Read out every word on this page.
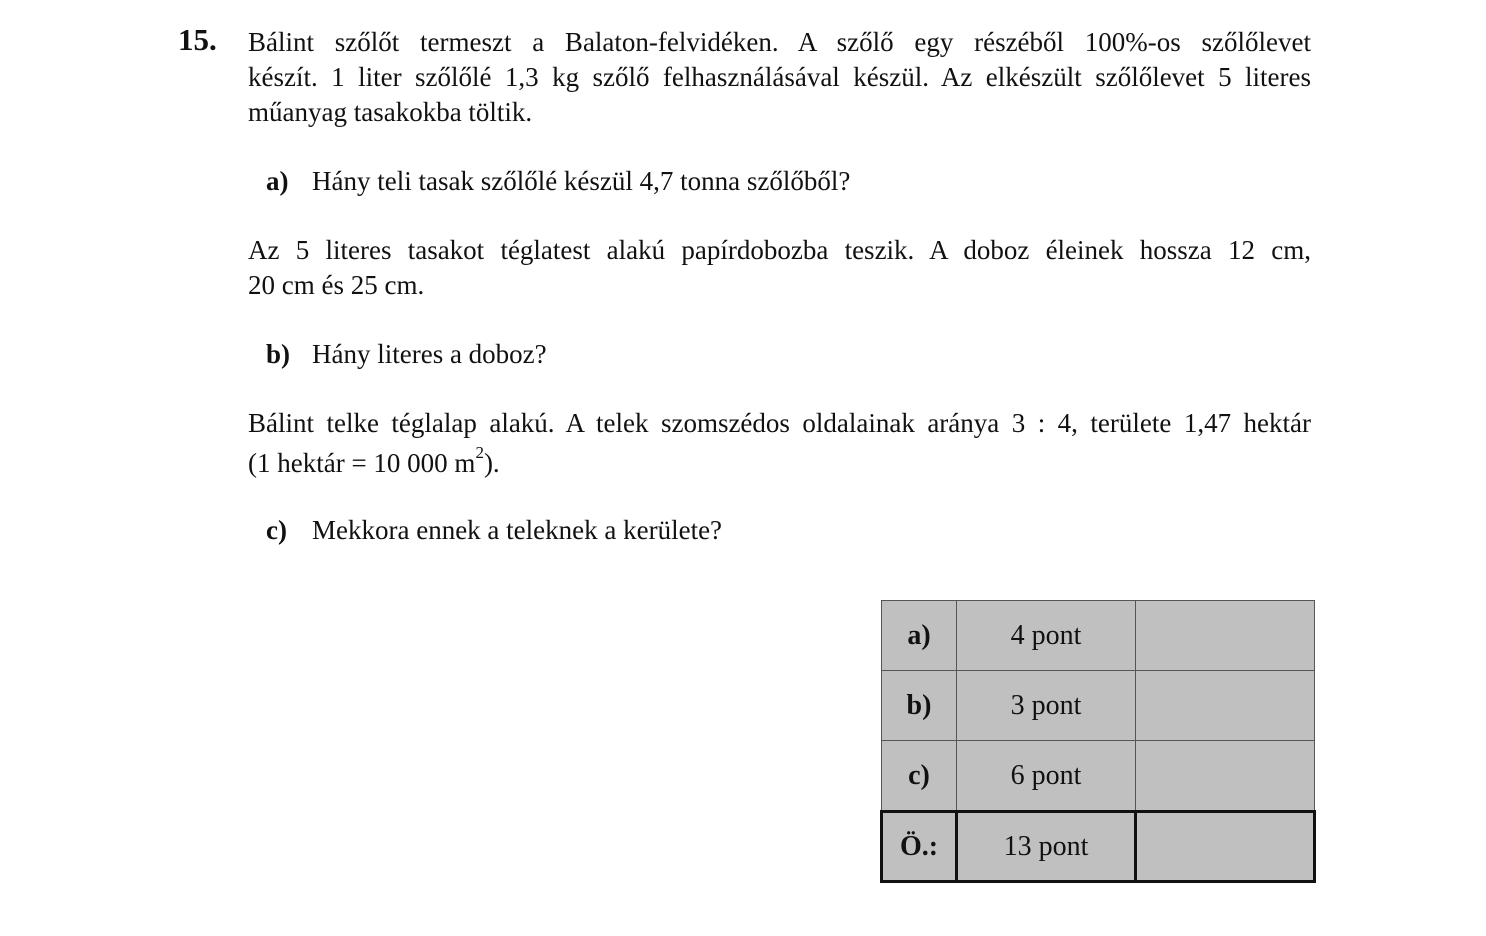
15. Bálint szőlőt termeszt a Balaton-felvidéken. A szőlő egy részéből 100%-os szőlőlevet
készít. 1 liter szőlőlé 1,3 kg szőlő felhasználásával készül. Az elkészült szőlőlevet 5 literes
műanyag tasakokba töltik.
a) Hány teli tasak szőlőlé készül 4,7 tonna szőlőből?
Az 5 literes tasakot téglatest alakú papírdobozba teszik. A doboz éleinek hossza 12 cm,
20 cm és 25 cm.
b) Hány literes a doboz?
Bálint telke téglalap alakú. A telek szomszédos oldalainak aránya 3 : 4, területe 1,47 hektár
(1 hektár = 10 000 $m^2$).
c) Mekkora ennek a teleknek a kerülete?
a)	4 pont	
b)	3 pont	
c)	6 pont	
Ö.:	13 pont	
